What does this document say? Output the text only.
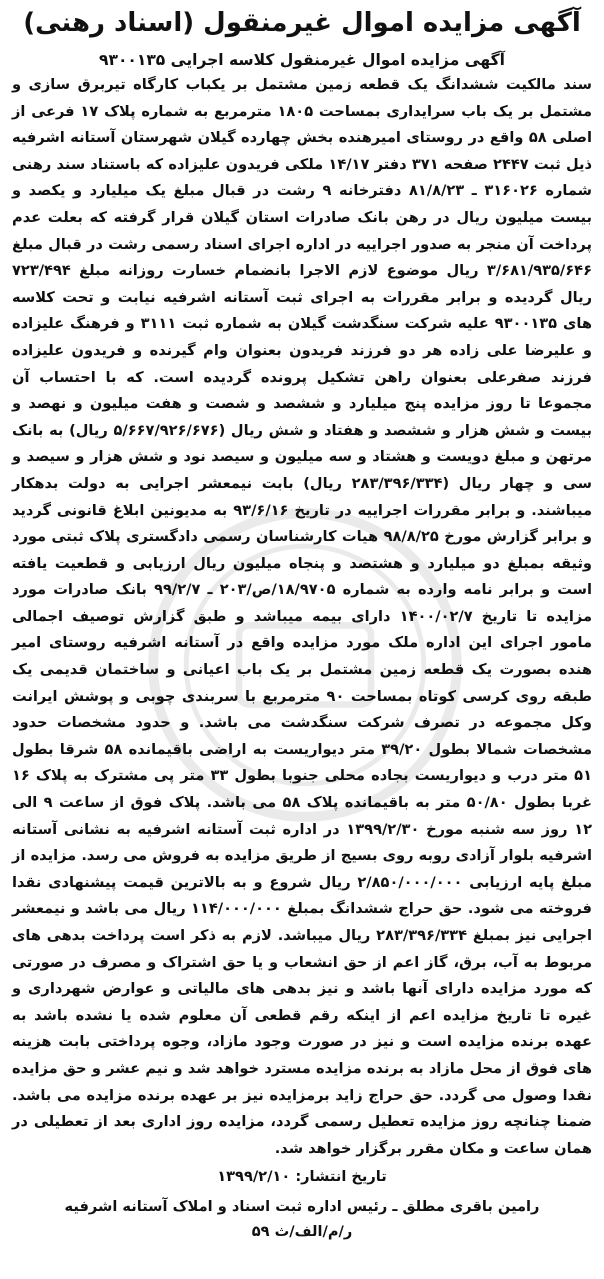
آگهی مزایده اموال غیرمنقول (اسناد رهنی)

آگهی مزایده اموال غیرمنقول کلاسه اجرایی ۹۳۰۰۱۳۵

سند مالکیت ششدانگ یک قطعه زمین مشتمل بر یکباب کارگاه تیربرق سازی و مشتمل بر یک باب سرایداری بمساحت ۱۸۰۵ مترمربع به شماره پلاک ۱۷ فرعی از اصلی ۵۸ واقع در روستای امیرهنده بخش چهارده گیلان شهرستان آستانه اشرفیه ذیل ثبت ۲۴۴۷ صفحه ۳۷۱ دفتر ۱۴/۱۷ ملکی فریدون علیزاده که باستناد سند رهنی شماره ۳۱۶۰۲۶ ـ ۸۱/۸/۲۳ دفترخانه ۹ رشت در قبال مبلغ یک میلیارد و یکصد و بیست میلیون ریال در رهن بانک صادرات استان گیلان قرار گرفته که بعلت عدم پرداخت آن منجر به صدور اجراییه در اداره اجرای اسناد رسمی رشت در قبال مبلغ ۳/۶۸۱/۹۳۵/۶۴۶ ریال موضوع لازم الاجرا بانضمام خسارت روزانه مبلغ ۷۲۳/۴۹۴ ریال گردیده و برابر مقررات به اجرای ثبت آستانه اشرفیه نیابت و تحت کلاسه های ۹۳۰۰۱۳۵ علیه شرکت سنگدشت گیلان به شماره ثبت ۳۱۱۱ و فرهنگ علیزاده و علیرضا علی زاده هر دو فرزند فریدون بعنوان وام گیرنده و فریدون علیزاده فرزند صفرعلی بعنوان راهن تشکیل پرونده گردیده است. که با احتساب آن مجموعا تا روز مزایده پنج میلیارد و ششصد و شصت و هفت میلیون و نهصد و بیست و شش هزار و ششصد و هفتاد و شش ریال (۵/۶۶۷/۹۲۶/۶۷۶ ریال) به بانک مرتهن و مبلغ دویست و هشتاد و سه میلیون و سیصد نود و شش هزار و سیصد و سی و چهار ریال (۲۸۳/۳۹۶/۳۳۴ ریال) بابت نیمعشر اجرایی به دولت بدهکار میباشند. و برابر مقررات اجراییه در تاریخ ۹۳/۶/۱۶ به مدیونین ابلاغ قانونی گردید و برابر گزارش مورخ ۹۸/۸/۲۵ هیات کارشناسان رسمی دادگستری پلاک ثبتی مورد وثیقه بمبلغ دو میلیارد و هشتصد و پنجاه میلیون ریال ارزیابی و قطعیت یافته است و برابر نامه وارده به شماره ۱۸/۹۷۰۵/ص/۲۰۳ ـ ۹۹/۲/۷ بانک صادرات مورد مزایده تا تاریخ ۱۴۰۰/۰۲/۷ دارای بیمه میباشد و طبق گزارش توصیف اجمالی مامور اجرای این اداره ملک مورد مزایده واقع در آستانه اشرفیه روستای امیر هنده بصورت یک قطعه زمین مشتمل بر یک باب اعیانی و ساختمان قدیمی یک طبقه روی کرسی کوتاه بمساحت ۹۰ مترمربع با سربندی چوبی و پوشش ایرانت وکل مجموعه در تصرف شرکت سنگدشت می باشد. و حدود مشخصات حدود مشخصات شمالا بطول ۳۹/۲۰ متر دیواریست به اراضی باقیمانده ۵۸ شرقا بطول ۵۱ متر درب و دیواریست بجاده محلی جنوبا بطول ۳۳ متر پی مشترک به پلاک ۱۶ غربا بطول ۵۰/۸۰ متر به باقیمانده پلاک ۵۸ می باشد. پلاک فوق از ساعت ۹ الی ۱۲ روز سه شنبه مورخ ۱۳۹۹/۲/۳۰ در اداره ثبت آستانه اشرفیه به نشانی آستانه اشرفیه بلوار آزادی روبه روی بسیج از طریق مزایده به فروش می رسد. مزایده از مبلغ پایه ارزیابی ۲/۸۵۰/۰۰۰/۰۰۰ ریال شروع و به بالاترین قیمت پیشنهادی نقدا فروخته می شود. حق حراج ششدانگ بمبلغ ۱۱۴/۰۰۰/۰۰۰ ریال می باشد و نیمعشر اجرایی نیز بمبلغ ۲۸۳/۳۹۶/۳۳۴ ریال میباشد. لازم به ذکر است پرداخت بدهی های مربوط به آب، برق، گاز اعم از حق انشعاب و یا حق اشتراک و مصرف در صورتی که مورد مزایده دارای آنها باشد و نیز بدهی های مالیاتی و عوارض شهرداری و غیره تا تاریخ مزایده اعم از اینکه رقم قطعی آن معلوم شده یا نشده باشد به عهده برنده مزایده است و نیز در صورت وجود مازاد، وجوه پرداختی بابت هزینه های فوق از محل مازاد به برنده مزایده مسترد خواهد شد و نیم عشر و حق مزایده نقدا وصول می گردد. حق حراج زاید برمزایده نیز بر عهده برنده مزایده می باشد. ضمنا چنانچه روز مزایده تعطیل رسمی گردد، مزایده روز اداری بعد از تعطیلی در همان ساعت و مکان مقرر برگزار خواهد شد.

تاریخ انتشار: ۱۳۹۹/۲/۱۰

رامین باقری مطلق ـ رئیس اداره ثبت اسناد و املاک آستانه اشرفیه

ر/م/الف/ث ۵۹
